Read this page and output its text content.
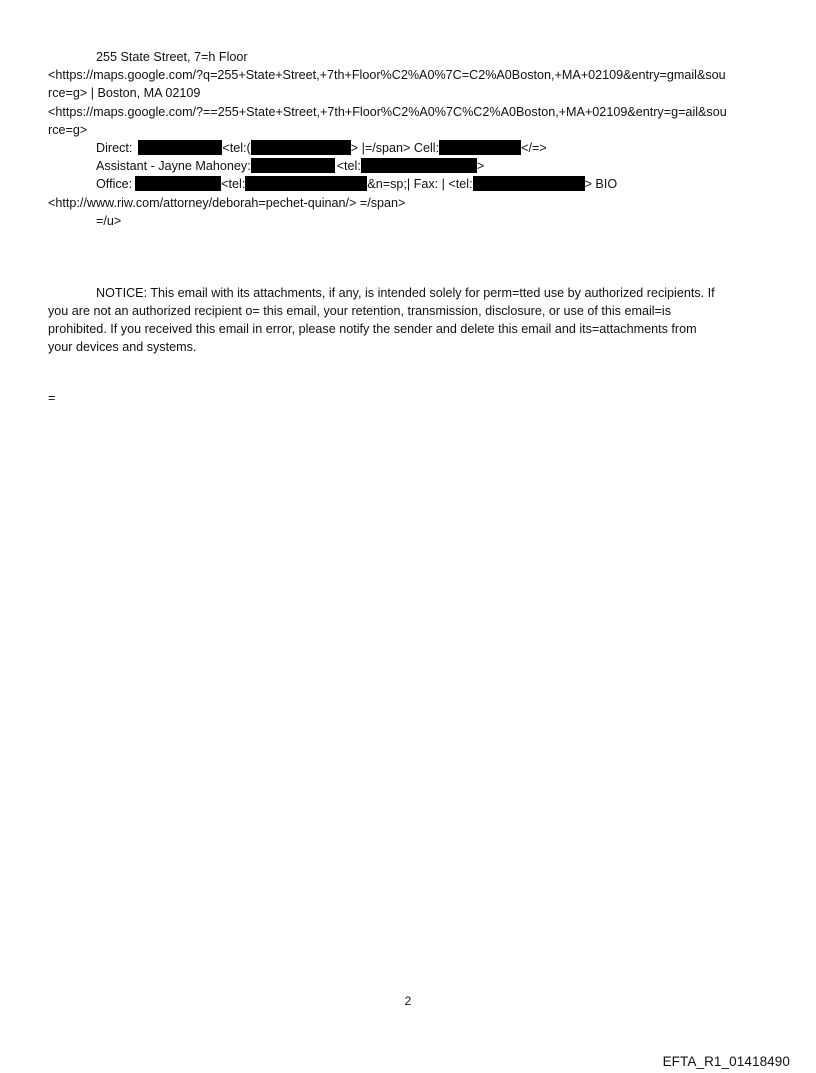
255 State Street, 7=h Floor
<https://maps.google.com/?q=255+State+Street,+7th+Floor%C2%A0%7C=C2%A0Boston,+MA+02109&entry=gmail&sou
rce=g> | Boston, MA 02109
<https://maps.google.com/?==255+State+Street,+7th+Floor%C2%A0%7C%C2%A0Boston,+MA+02109&entry=g=ail&sou
rce=g>
Direct:	<tel:(	> |=/span> Cell:	</=>
Assistant - Jayne Mahoney:	<tel:	>
Office:	<tel:	&n=sp;| Fax: | <tel:	> BIO
<http://www.riw.com/attorney/deborah=pechet-quinan/> =/span>
=/u>
NOTICE: This email with its attachments, if any, is intended solely for perm=tted use by authorized recipients. If
you are not an authorized recipient o= this email, your retention, transmission, disclosure, or use of this email=is
prohibited. If you received this email in error, please notify the sender and delete this email and its=attachments from
your devices and systems.
=
2
EFTA_R1_01418490
